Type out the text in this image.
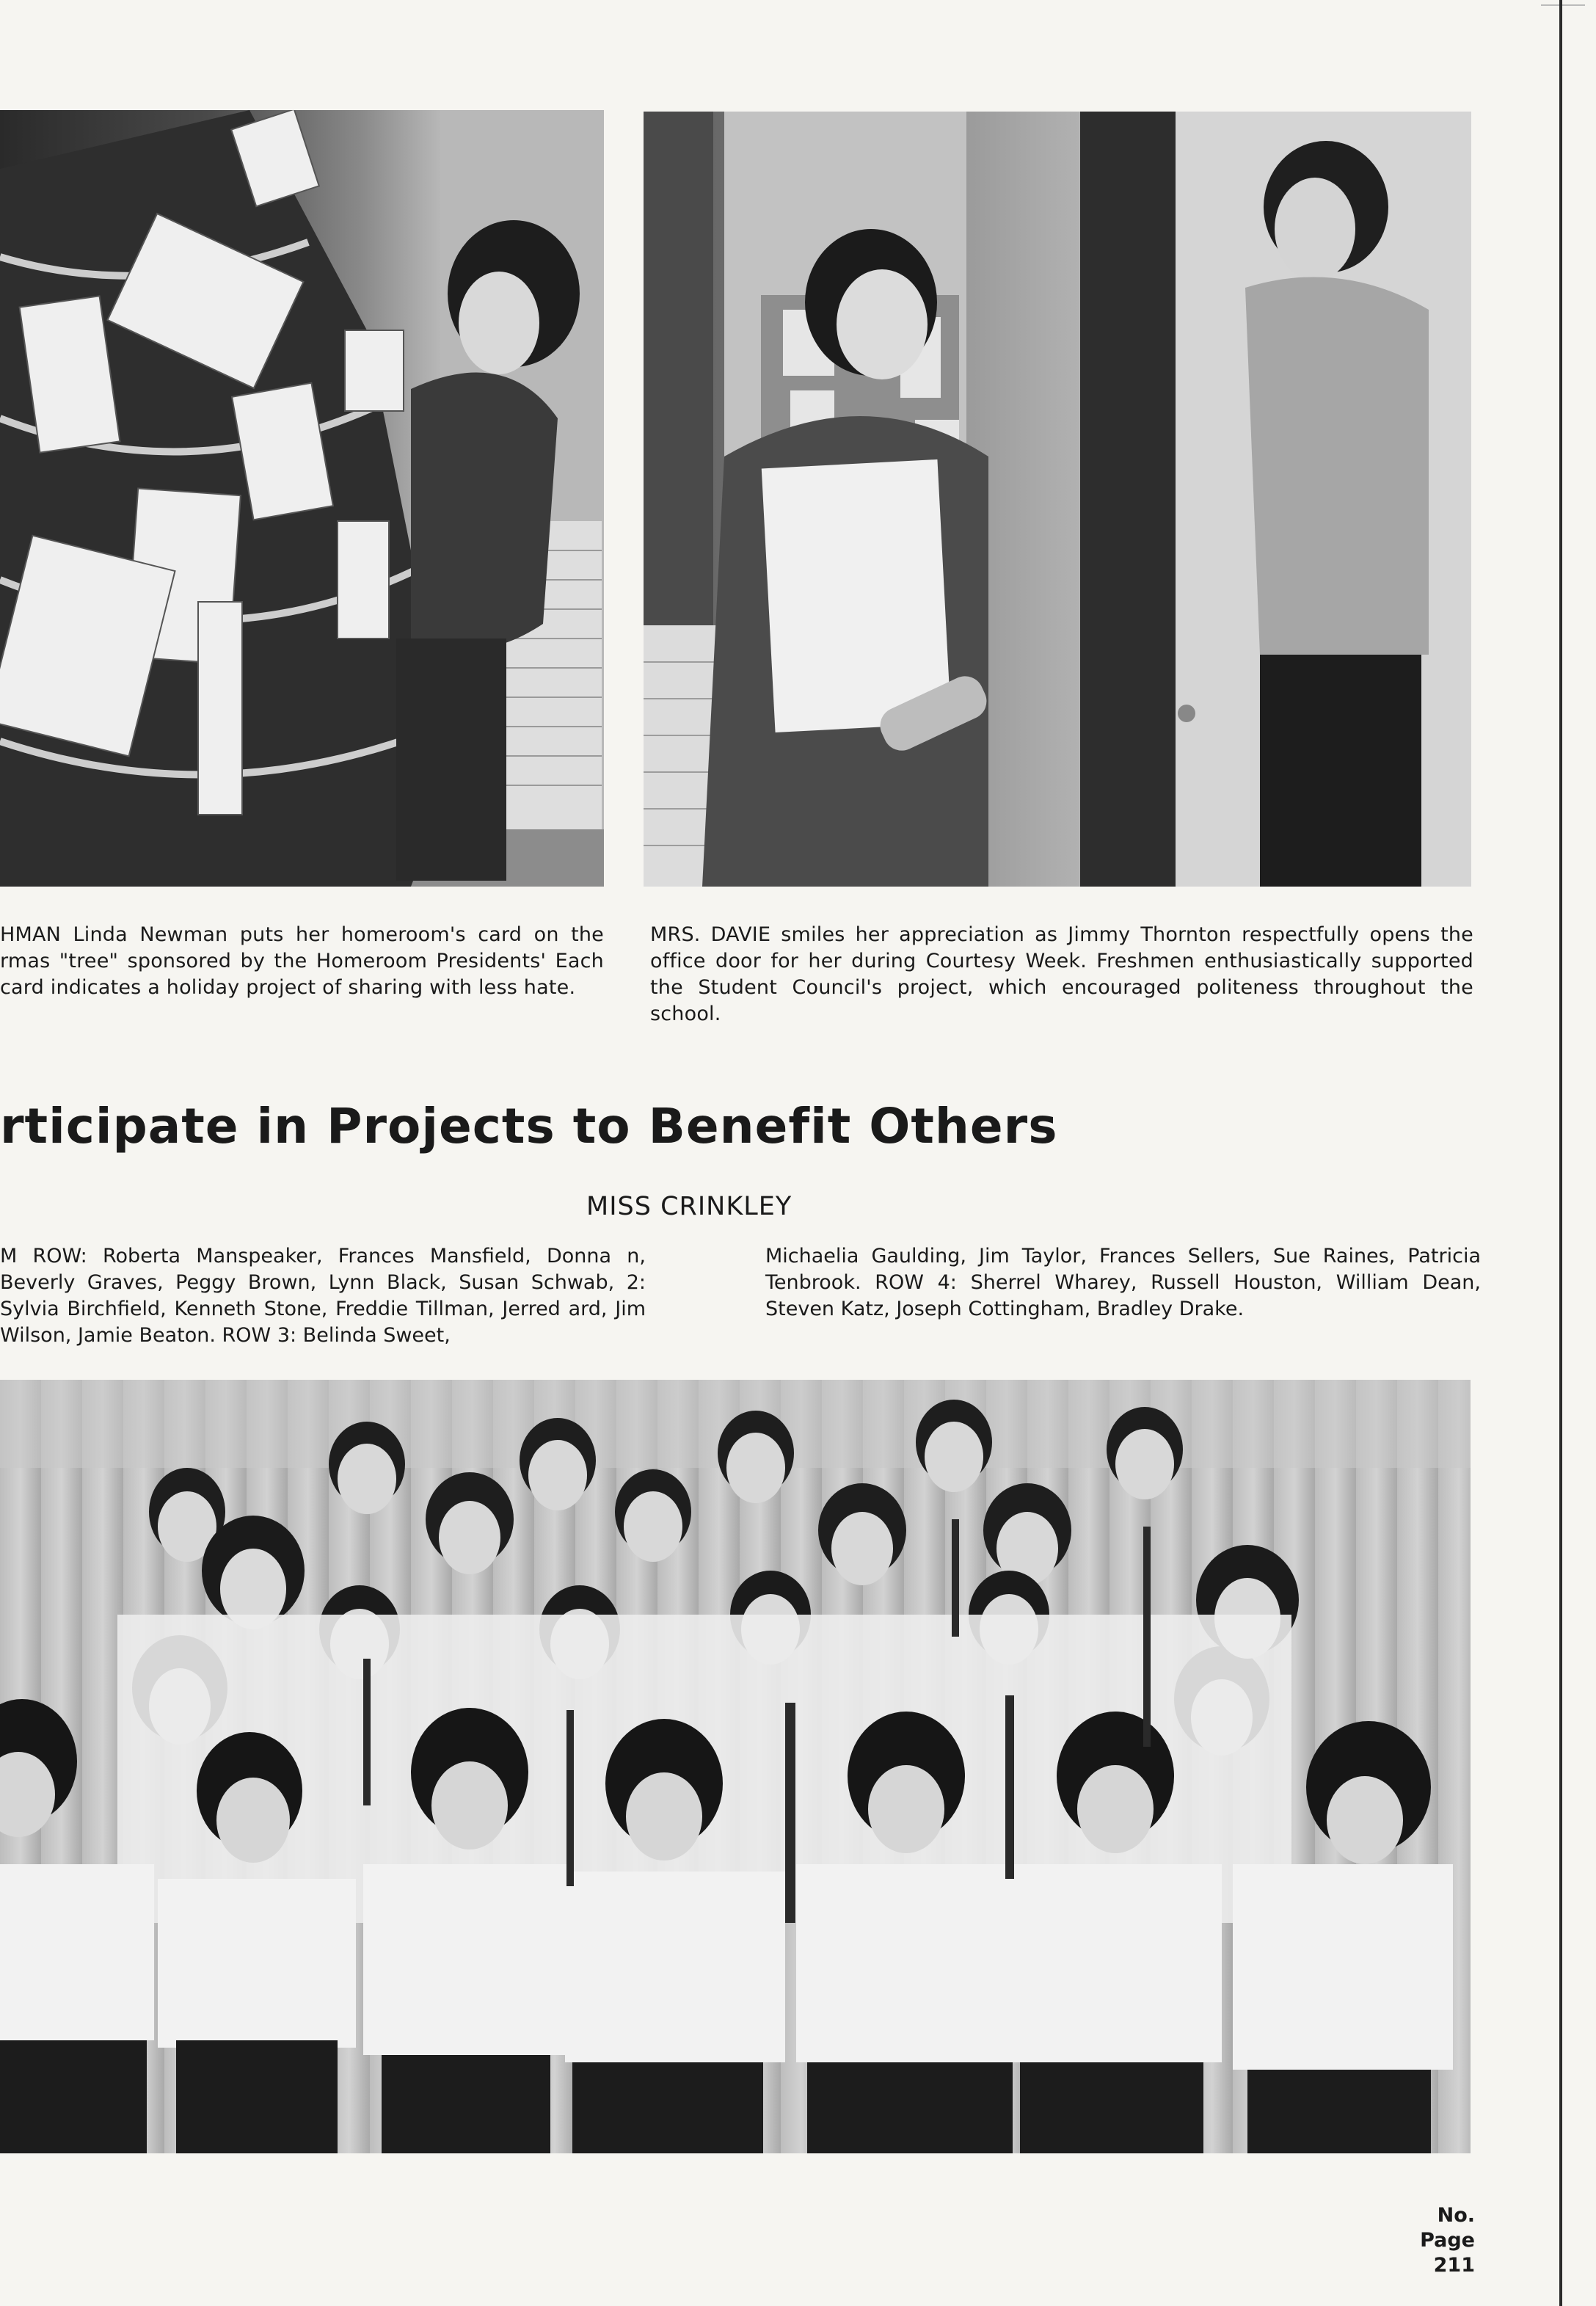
HMAN Linda Newman puts her homeroom's card on the rmas "tree" sponsored by the Homeroom Presidents' Each card indicates a holiday project of sharing with less hate.
MRS. DAVIE smiles her appreciation as Jimmy Thornton respectfully opens the office door for her during Courtesy Week. Freshmen enthusiastically supported the Student Council's project, which encouraged politeness throughout the school.
rticipate in Projects to Benefit Others
MISS CRINKLEY
M ROW: Roberta Manspeaker, Frances Mansfield, Donna n, Beverly Graves, Peggy Brown, Lynn Black, Susan Schwab, 2: Sylvia Birchfield, Kenneth Stone, Freddie Tillman, Jerred ard, Jim Wilson, Jamie Beaton. ROW 3: Belinda Sweet,
Michaelia Gaulding, Jim Taylor, Frances Sellers, Sue Raines, Patricia Tenbrook. ROW 4: Sherrel Wharey, Russell Houston, William Dean, Steven Katz, Joseph Cottingham, Bradley Drake.
No.
Page
211
